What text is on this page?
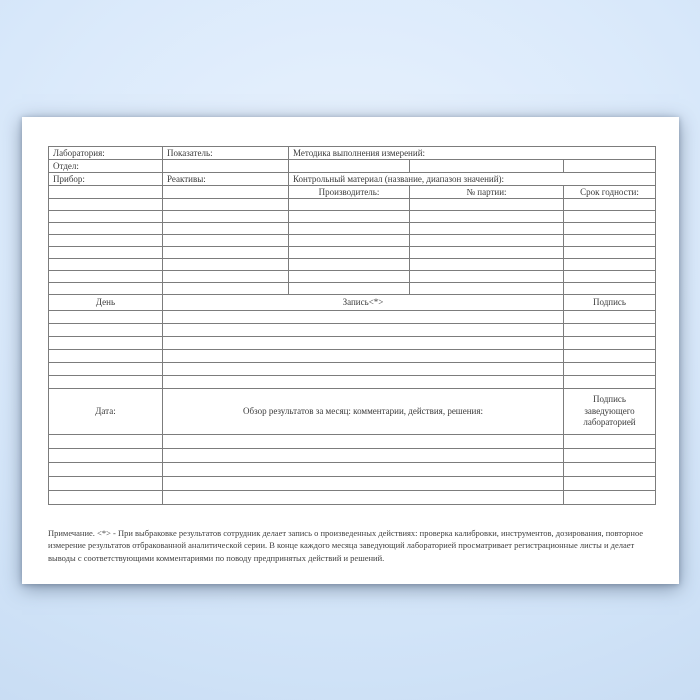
Лаборатория:	Показатель:	Методика выполнения измерений:		
Отдел:				
Прибор:	Реактивы:	Контрольный материал (название, диапазон значений):		
		Производитель:	№ партии:	Срок годности:

День	Запись<*>			Подпись

Дата:	Обзор результатов за месяц: комментарии, действия, решения:			Подпись заведующего лабораторией

Примечание. <*> - При выбраковке результатов сотрудник делает запись о произведенных действиях: проверка калибровки, инструментов, дозирования, повторное измерение результатов отбракованной аналитической серии. В конце каждого месяца заведующий лабораторией просматривает регистрационные листы и делает выводы с соответствующими комментариями по поводу предпринятых действий и решений.
